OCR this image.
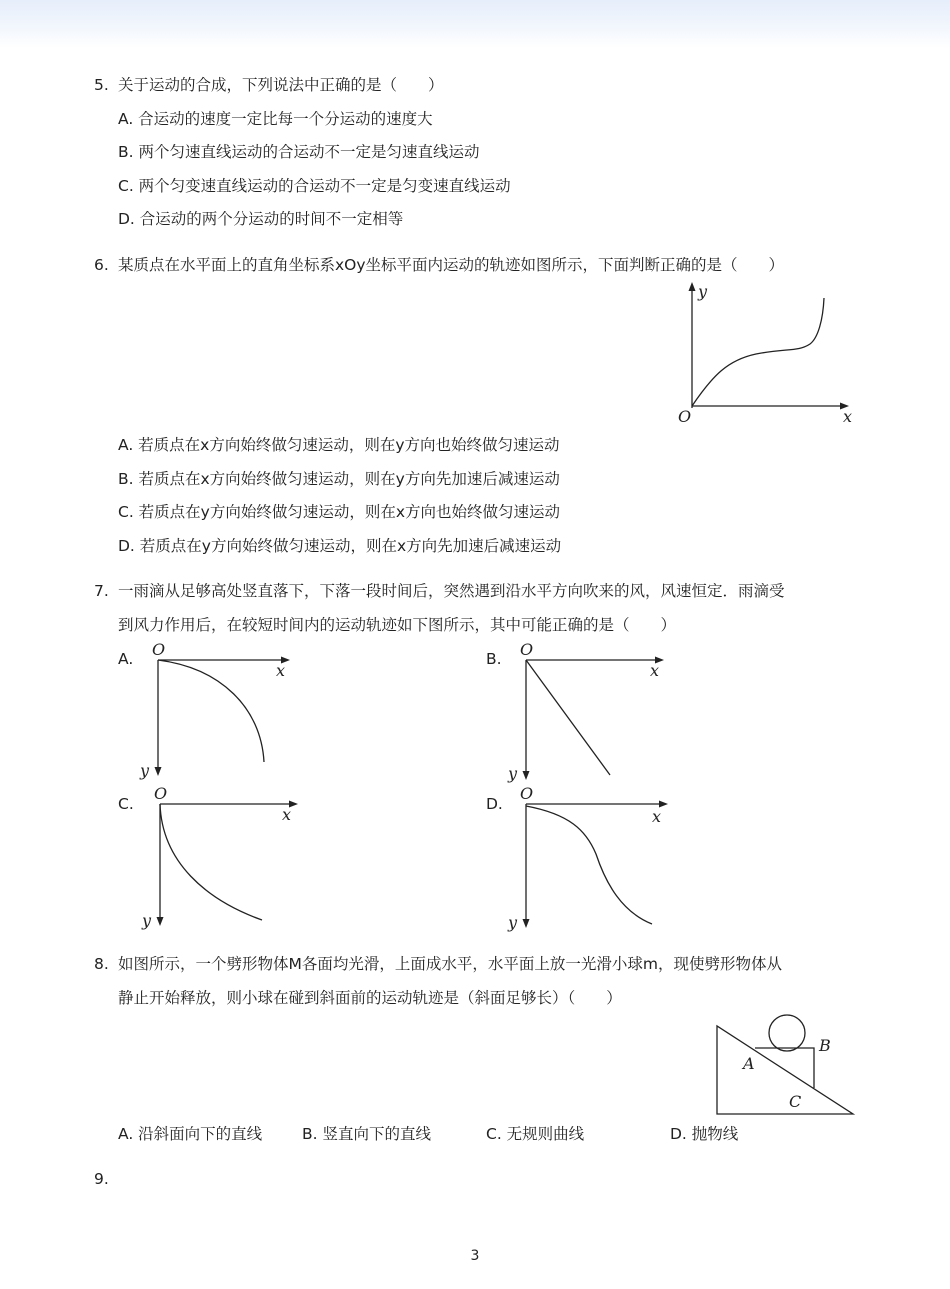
5. 关于运动的合成，下列说法中正确的是（　　）
A. 合运动的速度一定比每一个分运动的速度大
B. 两个匀速直线运动的合运动不一定是匀速直线运动
C. 两个匀变速直线运动的合运动不一定是匀变速直线运动
D. 合运动的两个分运动的时间不一定相等
6. 某质点在水平面上的直角坐标系xOy坐标平面内运动的轨迹如图所示，下面判断正确的是（　　）
y
O	x
A. 若质点在x方向始终做匀速运动，则在y方向也始终做匀速运动
B. 若质点在x方向始终做匀速运动，则在y方向先加速后减速运动
C. 若质点在y方向始终做匀速运动，则在x方向也始终做匀速运动
D. 若质点在y方向始终做匀速运动，则在x方向先加速后减速运动
7. 一雨滴从足够高处竖直落下，下落一段时间后，突然遇到沿水平方向吹来的风，风速恒定．雨滴受
到风力作用后，在较短时间内的运动轨迹如下图所示，其中可能正确的是（　　）
A. O
x
y
B. O
x
y
C.
O
x
y
D.
O
x
y
8. 如图所示，一个劈形物体M各面均光滑，上面成水平，水平面上放一光滑小球m，现使劈形物体从
静止开始释放，则小球在碰到斜面前的运动轨迹是（斜面足够长）（　　）
B
A
C
A. 沿斜面向下的直线	B. 竖直向下的直线	C. 无规则曲线	D. 抛物线
9.
3
